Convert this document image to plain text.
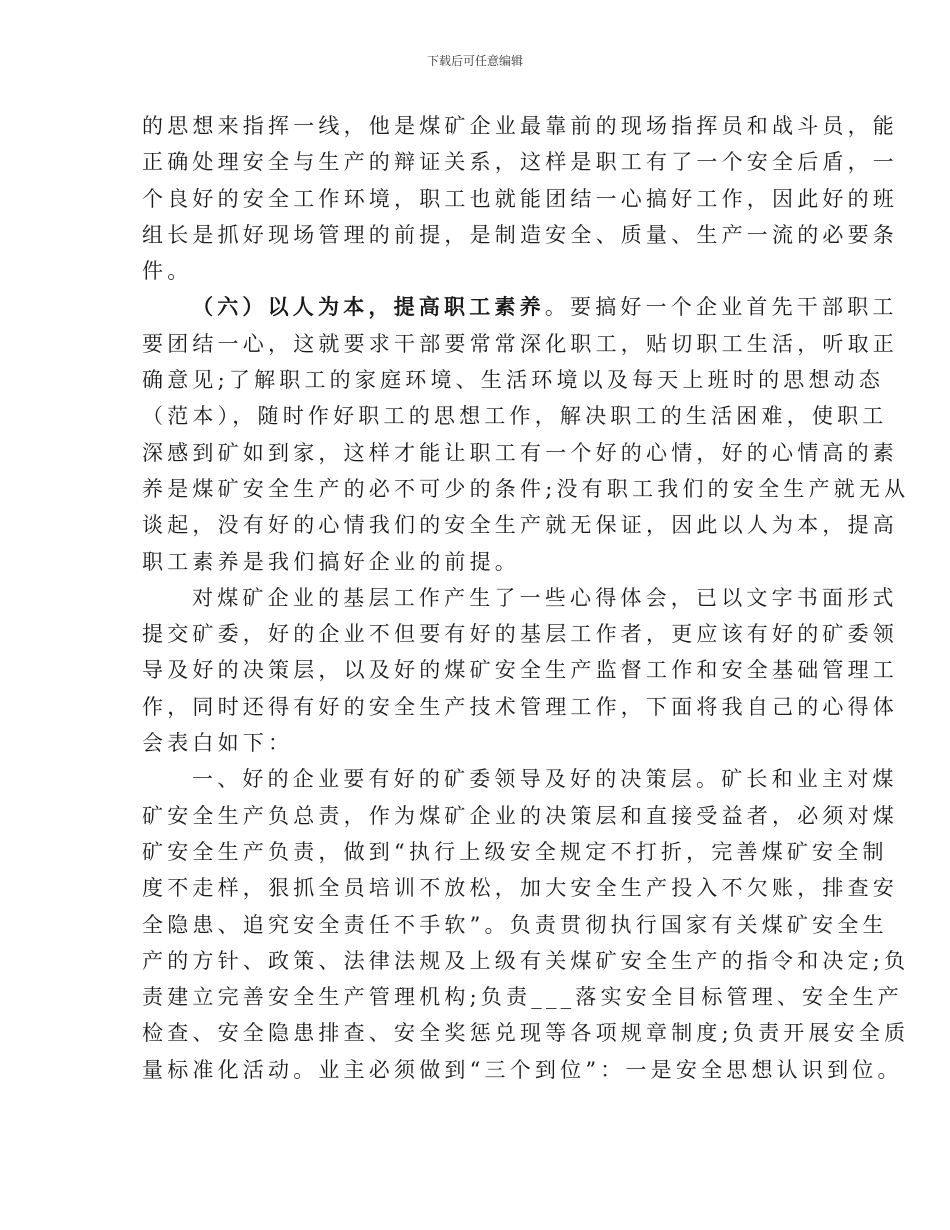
下载后可任意编辑
的思想来指挥一线，他是煤矿企业最靠前的现场指挥员和战斗员，能
正确处理安全与生产的辩证关系，这样是职工有了一个安全后盾，一
个良好的安全工作环境，职工也就能团结一心搞好工作，因此好的班
组长是抓好现场管理的前提，是制造安全、质量、生产一流的必要条
件。
（六）以人为本，提高职工素养。要搞好一个企业首先干部职工
要团结一心，这就要求干部要常常深化职工，贴切职工生活，听取正
确意见;了解职工的家庭环境、生活环境以及每天上班时的思想动态
（范本），随时作好职工的思想工作，解决职工的生活困难，使职工
深感到矿如到家，这样才能让职工有一个好的心情，好的心情高的素
养是煤矿安全生产的必不可少的条件;没有职工我们的安全生产就无从
谈起，没有好的心情我们的安全生产就无保证，因此以人为本，提高
职工素养是我们搞好企业的前提。
对煤矿企业的基层工作产生了一些心得体会，已以文字书面形式
提交矿委，好的企业不但要有好的基层工作者，更应该有好的矿委领
导及好的决策层，以及好的煤矿安全生产监督工作和安全基础管理工
作，同时还得有好的安全生产技术管理工作，下面将我自己的心得体
会表白如下：
一、好的企业要有好的矿委领导及好的决策层。矿长和业主对煤
矿安全生产负总责，作为煤矿企业的决策层和直接受益者，必须对煤
矿安全生产负责，做到“执行上级安全规定不打折，完善煤矿安全制
度不走样，狠抓全员培训不放松，加大安全生产投入不欠账，排查安
全隐患、追究安全责任不手软”。负责贯彻执行国家有关煤矿安全生
产的方针、政策、法律法规及上级有关煤矿安全生产的指令和决定;负
责建立完善安全生产管理机构;负责___落实安全目标管理、安全生产
检查、安全隐患排查、安全奖惩兑现等各项规章制度;负责开展安全质
量标准化活动。业主必须做到“三个到位”：一是安全思想认识到位。
